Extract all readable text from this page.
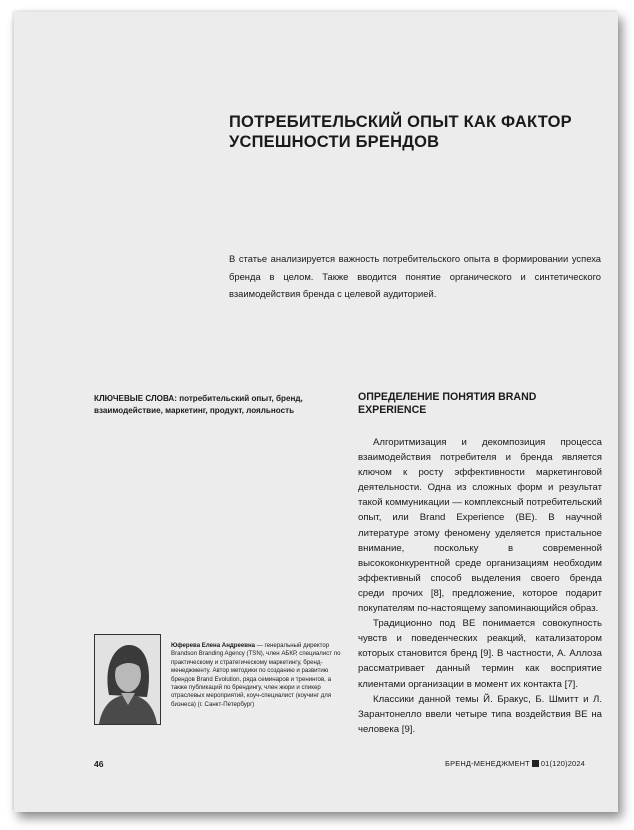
ПОТРЕБИТЕЛЬСКИЙ ОПЫТ КАК ФАКТОР УСПЕШНОСТИ БРЕНДОВ

В статье анализируется важность потребительского опыта в формировании успеха бренда в целом. Также вводится понятие органического и синтетического взаимодействия бренда с целевой аудиторией.

КЛЮЧЕВЫЕ СЛОВА: потребительский опыт, бренд, взаимодействие, маркетинг, продукт, лояльность

ОПРЕДЕЛЕНИЕ ПОНЯТИЯ BRAND EXPERIENCE

Алгоритмизация и декомпозиция процесса взаимодействия потребителя и бренда является ключом к росту эффективности маркетинговой деятельности. Одна из сложных форм и результат такой коммуникации — комплексный потребительский опыт, или Brand Experience (BE). В научной литературе этому феномену уделяется пристальное внимание, поскольку в современной высококонкурентной среде организациям необходим эффективный способ выделения своего бренда среди прочих [8], предложение, которое подарит покупателям по-настоящему запоминающийся образ.

Традиционно под BE понимается совокупность чувств и поведенческих реакций, катализатором которых становится бренд [9]. В частности, А. Аллоза рассматривает данный термин как восприятие клиентами организации в момент их контакта [7].

Классики данной темы Й. Бракус, Б. Шмитт и Л. Зарантонелло ввели четыре типа воздействия BE на человека [9].

Юферева Елена Андреевна — генеральный директор Brandson Branding Agency (TSN), член АБКР, специалист по практическому и стратегическому маркетингу, бренд-менеджменту. Автор методики по созданию и развитию брендов Brand Evolution, ряда семинаров и тренингов, а также публикаций по брендингу, член жюри и спикер отраслевых мероприятий, коуч-специалист (коучинг для бизнеса) (г. Санкт-Петербург)

46	БРЕНД-МЕНЕДЖМЕНТ 01(120)2024
